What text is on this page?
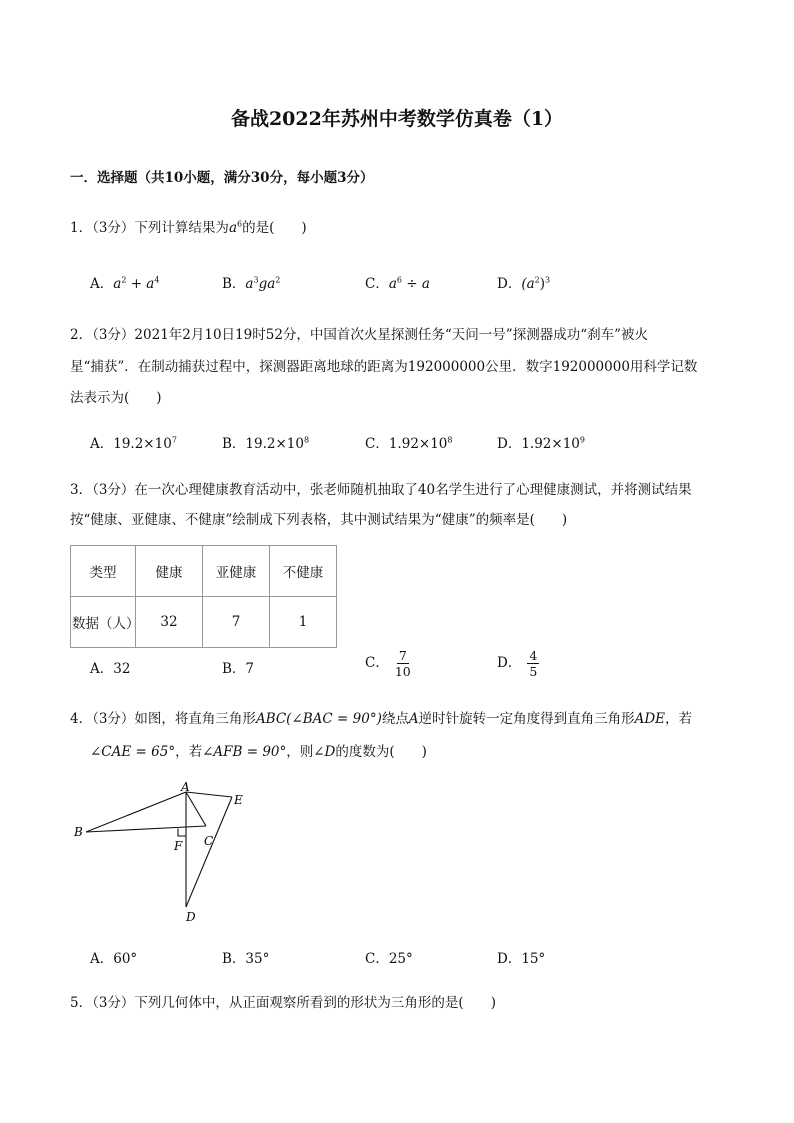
备战2022年苏州中考数学仿真卷（1）
一．选择题（共10小题，满分30分，每小题3分）
1．（3分）下列计算结果为$a^6$的是(　　)
A．$a^2 + a^4$	B．$a^3ga^2$	C．$a^6 \div a$	D．$(a^2)^3$
2．（3分）2021年2月10日19时52分，中国首次火星探测任务“天问一号”探测器成功“刹车”被火
星“捕获”．在制动捕获过程中，探测器距离地球的距离为192000000公里．数字192000000用科学记数
法表示为(　　)
A．$19.2\times 10^7$	B．$19.2\times 10^8$	C．$1.92\times 10^8$	D．$1.92\times 10^9$
3．（3分）在一次心理健康教育活动中，张老师随机抽取了40名学生进行了心理健康测试，并将测试结果
按“健康、亚健康、不健康”绘制成下列表格，其中测试结果为“健康”的频率是(　　)
类型	健康	亚健康	不健康
数据（人）	32	7	1
A．32	B．7	C． $\frac{7}{10}$	D． $\frac{4}{5}$
4．（3分）如图，将直角三角形ABC(∠BAC = 90°)绕点A逆时针旋转一定角度得到直角三角形ADE，若
∠CAE = 65°，若∠AFB = 90°，则∠D的度数为(　　)
A
B
C
D
E
F
A．60°	B．35°	C．25°	D．15°
5．（3分）下列几何体中，从正面观察所看到的形状为三角形的是(　　)
